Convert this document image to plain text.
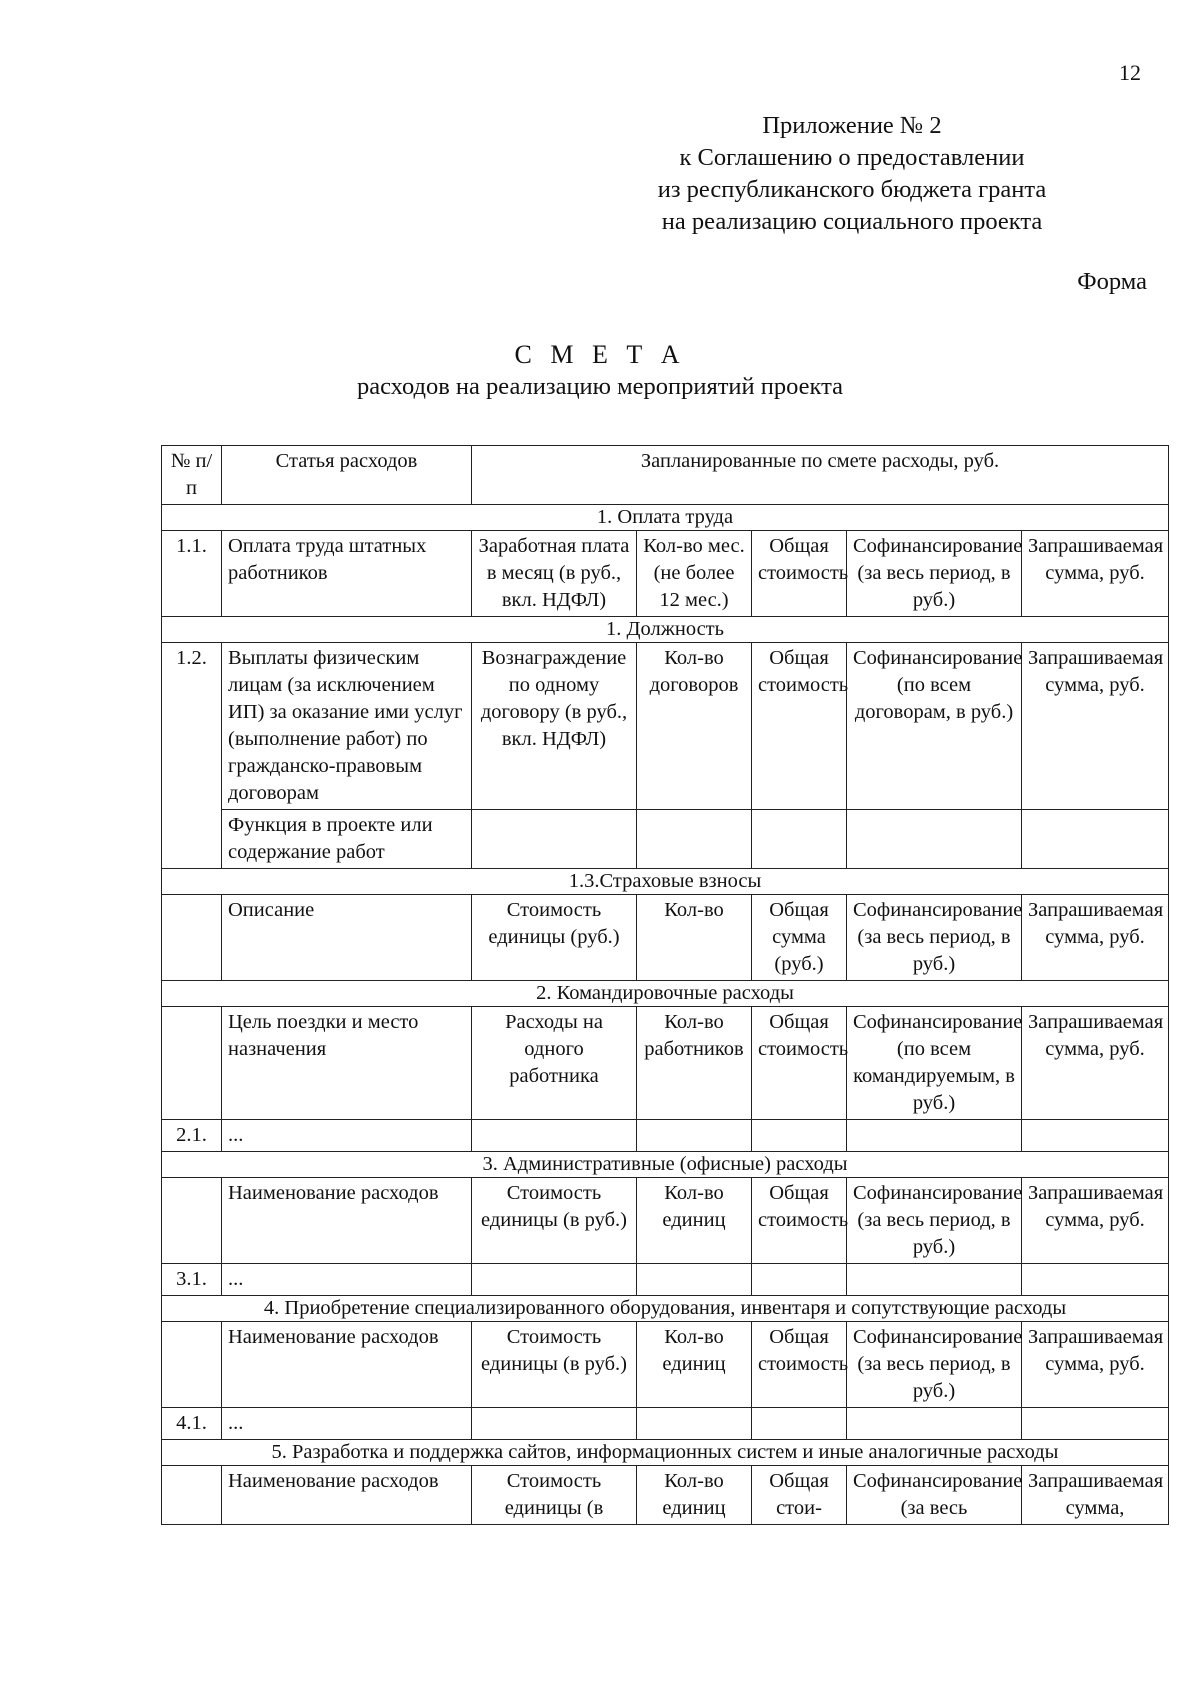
12
Приложение № 2
к Соглашению о предоставлении
из республиканского бюджета гранта
на реализацию социального проекта
Форма
С М Е Т А
расходов на реализацию мероприятий проекта
№ п/п	Статья расходов	Запланированные по смете расходы, руб.				
1. Оплата труда						
1.1.	Оплата труда штатных работников	Заработная плата в месяц (в руб., вкл. НДФЛ)	Кол-во мес. (не более 12 мес.)	Общая стоимость	Софинансирование (за весь период, в руб.)	Запрашиваемая сумма, руб.
1. Должность						
1.2.	Выплаты физическим лицам (за исключением ИП) за оказание ими услуг (выполнение работ) по гражданско-правовым договорам	Вознаграждение по одному договору (в руб., вкл. НДФЛ)	Кол-во договоров	Общая стоимость	Софинансирование (по всем договорам, в руб.)	Запрашиваемая сумма, руб.
	Функция в проекте или содержание работ					
1.3.Страховые взносы						
	Описание	Стоимость единицы (руб.)	Кол-во	Общая сумма (руб.)	Софинансирование (за весь период, в руб.)	Запрашиваемая сумма, руб.
2. Командировочные расходы						
	Цель поездки и место назначения	Расходы на одного работника	Кол-во работников	Общая стоимость	Софинансирование (по всем командируемым, в руб.)	Запрашиваемая сумма, руб.
2.1.	...					
3. Административные (офисные) расходы						
	Наименование расходов	Стоимость единицы (в руб.)	Кол-во единиц	Общая стоимость	Софинансирование (за весь период, в руб.)	Запрашиваемая сумма, руб.
3.1.	...					
4. Приобретение специализированного оборудования, инвентаря и сопутствующие расходы						
	Наименование расходов	Стоимость единицы (в руб.)	Кол-во единиц	Общая стоимость	Софинансирование (за весь период, в руб.)	Запрашиваемая сумма, руб.
4.1.	...					
5. Разработка и поддержка сайтов, информационных систем и иные аналогичные расходы						
	Наименование расходов	Стоимость единицы (в	Кол-во единиц	Общая стои-	Софинансирование (за весь	Запрашиваемая сумма,
